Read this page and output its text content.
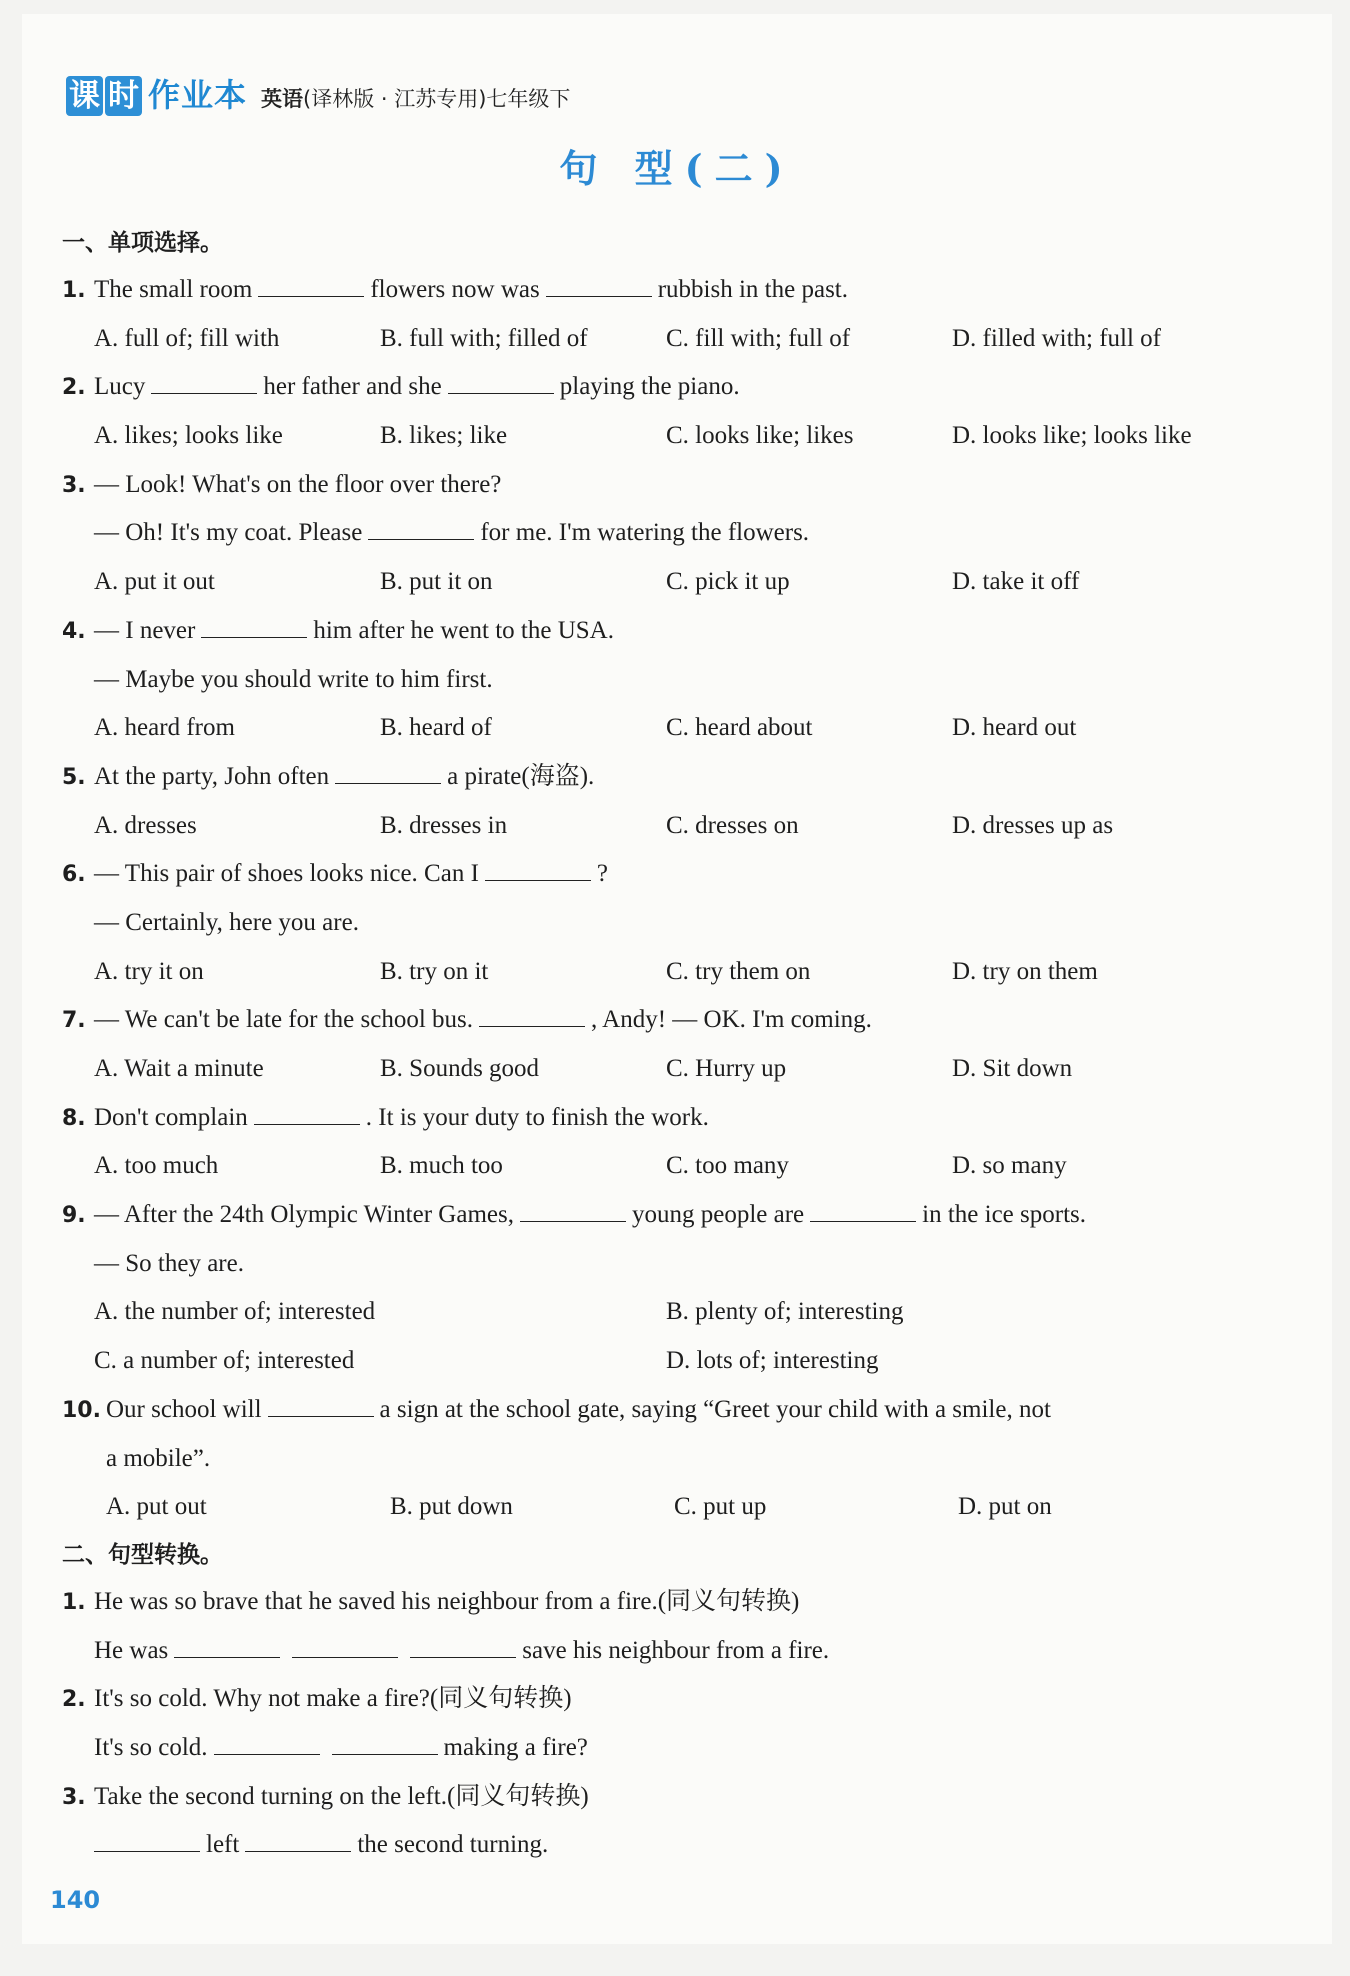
课 时 作业本 英语(译林版 · 江苏专用)七年级下
句 型(二)
一、单项选择。
1. The small room	flowers now was	rubbish in the past.
A. full of; fill with	B. full with; filled of	C. fill with; full of	D. filled with; full of
2. Lucy	her father and she	playing the piano.
A. likes; looks like	B. likes; like	C. looks like; likes	D. looks like; looks like
3. — Look! What's on the floor over there?
— Oh! It's my coat. Please	for me. I'm watering the flowers.
A. put it out	B. put it on	C. pick it up	D. take it off
4. — I never	him after he went to the USA.
— Maybe you should write to him first.
A. heard from	B. heard of	C. heard about	D. heard out
5. At the party, John often	a pirate(海盗).
A. dresses	B. dresses in	C. dresses on	D. dresses up as
6. — This pair of shoes looks nice. Can I	?
— Certainly, here you are.
A. try it on	B. try on it	C. try them on	D. try on them
7. — We can't be late for the school bus.	, Andy! — OK. I'm coming.
A. Wait a minute	B. Sounds good	C. Hurry up	D. Sit down
8. Don't complain	. It is your duty to finish the work.
A. too much	B. much too	C. too many	D. so many
9. — After the 24th Olympic Winter Games,	young people are	in the ice sports.
— So they are.
A. the number of; interested	B. plenty of; interesting
C. a number of; interested	D. lots of; interesting
10. Our school will	a sign at the school gate, saying “Greet your child with a smile, not
a mobile”.
A. put out	B. put down	C. put up	D. put on
二、句型转换。
1. He was so brave that he saved his neighbour from a fire.(同义句转换)
He was	save his neighbour from a fire.
2. It's so cold. Why not make a fire?(同义句转换)
It's so cold.	making a fire?
3. Take the second turning on the left.(同义句转换)
left	the second turning.
140
